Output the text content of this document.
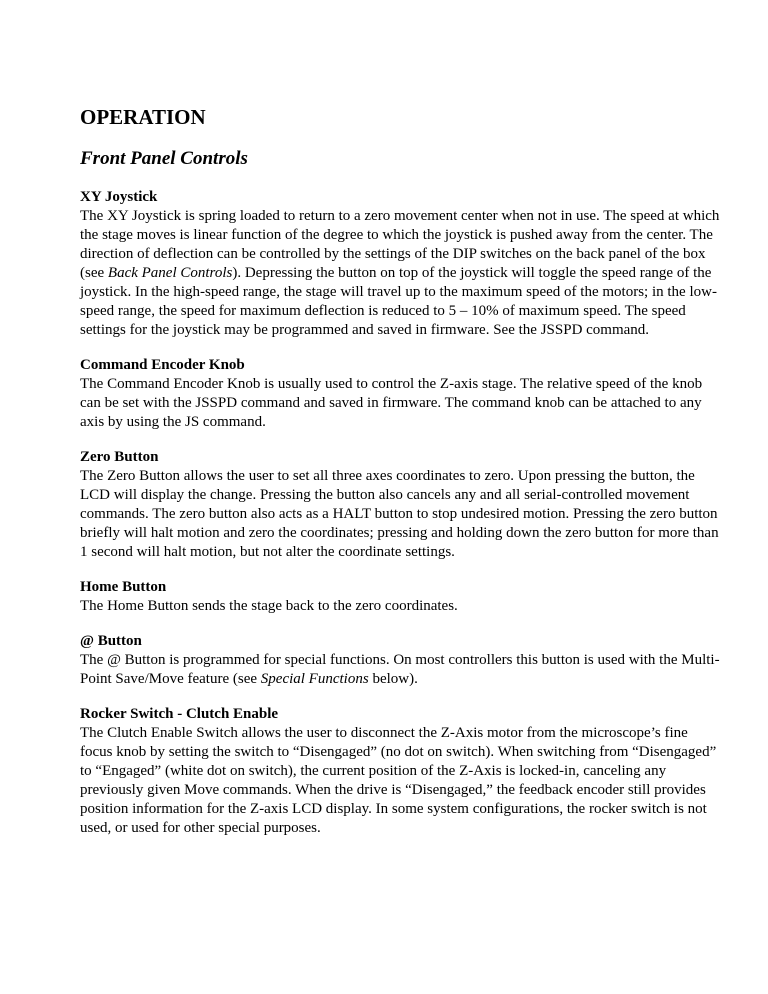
OPERATION
Front Panel Controls
XY Joystick

The XY Joystick is spring loaded to return to a zero movement center when not in use. The speed at which the stage moves is linear function of the degree to which the joystick is pushed away from the center. The direction of deflection can be controlled by the settings of the DIP switches on the back panel of the box (see Back Panel Controls). Depressing the button on top of the joystick will toggle the speed range of the joystick. In the high-speed range, the stage will travel up to the maximum speed of the motors; in the low-speed range, the speed for maximum deflection is reduced to 5 – 10% of maximum speed. The speed settings for the joystick may be programmed and saved in firmware. See the JSSPD command.

Command Encoder Knob

The Command Encoder Knob is usually used to control the Z-axis stage. The relative speed of the knob can be set with the JSSPD command and saved in firmware. The command knob can be attached to any axis by using the JS command.

Zero Button

The Zero Button allows the user to set all three axes coordinates to zero. Upon pressing the button, the LCD will display the change. Pressing the button also cancels any and all serial-controlled movement commands. The zero button also acts as a HALT button to stop undesired motion. Pressing the zero button briefly will halt motion and zero the coordinates; pressing and holding down the zero button for more than 1 second will halt motion, but not alter the coordinate settings.

Home Button

The Home Button sends the stage back to the zero coordinates.

@ Button

The @ Button is programmed for special functions. On most controllers this button is used with the Multi-Point Save/Move feature (see Special Functions below).

Rocker Switch - Clutch Enable

The Clutch Enable Switch allows the user to disconnect the Z-Axis motor from the microscope’s fine focus knob by setting the switch to “Disengaged” (no dot on switch). When switching from “Disengaged” to “Engaged” (white dot on switch), the current position of the Z-Axis is locked-in, canceling any previously given Move commands. When the drive is “Disengaged,” the feedback encoder still provides position information for the Z-axis LCD display. In some system configurations, the rocker switch is not used, or used for other special purposes.
